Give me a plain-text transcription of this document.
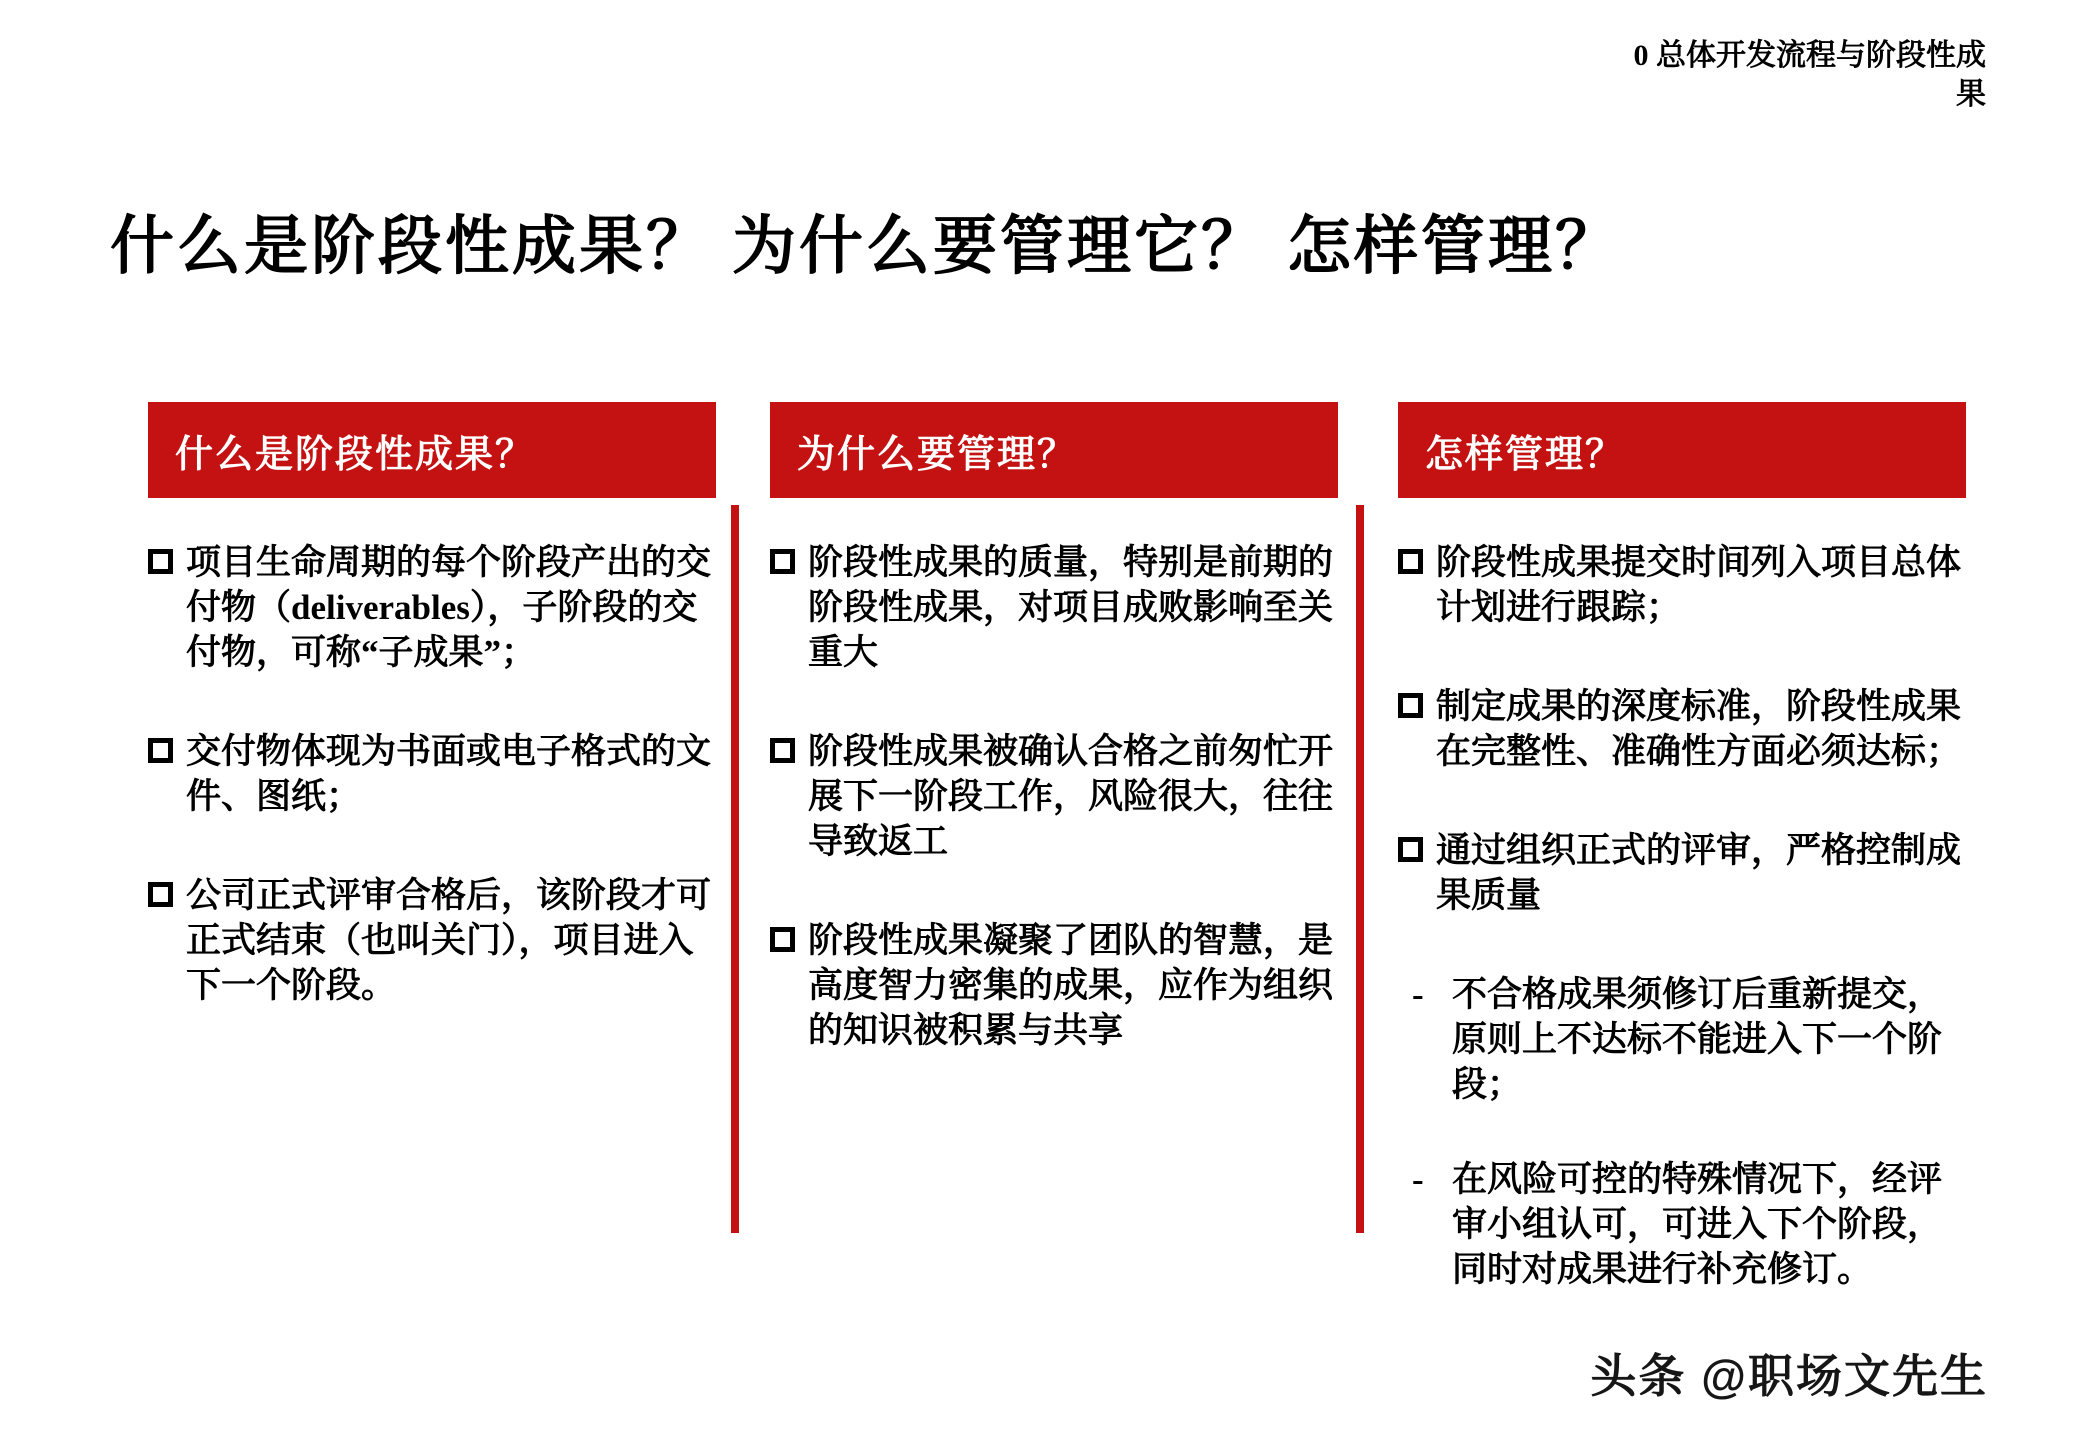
0 总体开发流程与阶段性成
果
什么是阶段性成果？ 为什么要管理它？ 怎样管理？
什么是阶段性成果？
项目生命周期的每个阶段产出的交付物（deliverables），子阶段的交付物，可称“子成果”；
交付物体现为书面或电子格式的文件、图纸；
公司正式评审合格后，该阶段才可正式结束（也叫关门），项目进入下一个阶段。
为什么要管理？
阶段性成果的质量，特别是前期的阶段性成果，对项目成败影响至关重大
阶段性成果被确认合格之前匆忙开展下一阶段工作，风险很大，往往导致返工
阶段性成果凝聚了团队的智慧，是高度智力密集的成果，应作为组织的知识被积累与共享
怎样管理？
阶段性成果提交时间列入项目总体计划进行跟踪；
制定成果的深度标准，阶段性成果在完整性、准确性方面必须达标；
通过组织正式的评审，严格控制成果质量
- 不合格成果须修订后重新提交，原则上不达标不能进入下一个阶段；
- 在风险可控的特殊情况下，经评审小组认可，可进入下个阶段，同时对成果进行补充修订。
头条 @职场文先生
